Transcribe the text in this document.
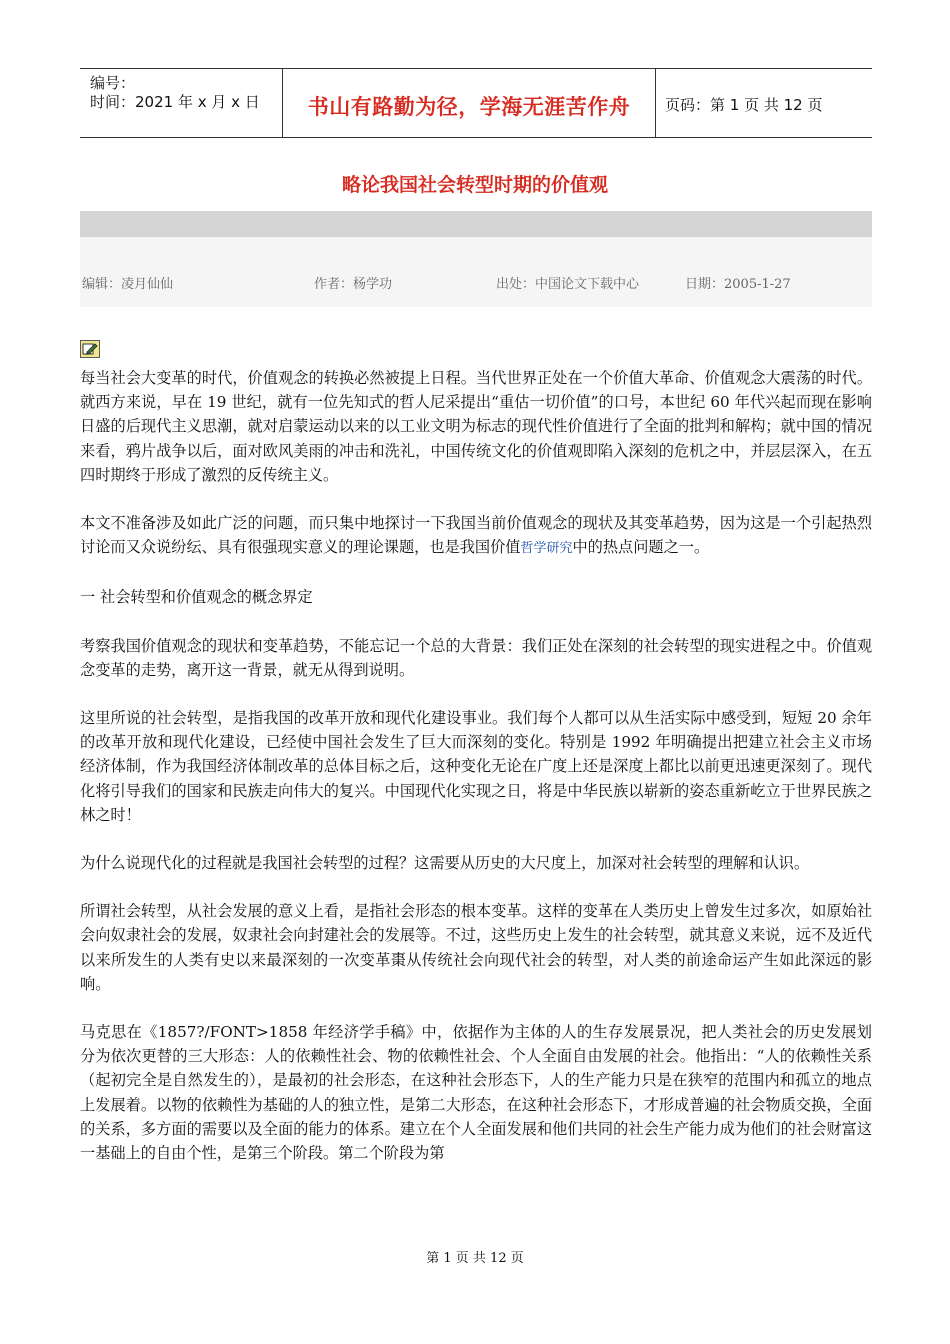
编号：
时间：2021 年 x 月 x 日	书山有路勤为径，学海无涯苦作舟	页码：第 1 页 共 12 页
略论我国社会转型时期的价值观
编辑：凌月仙仙	作者：杨学功	出处：中国论文下载中心	日期：2005-1-27

每当社会大变革的时代，价值观念的转换必然被提上日程。当代世界正处在一个价值大革命、价值观念大震荡的时代。就西方来说，早在 19 世纪，就有一位先知式的哲人尼采提出“重估一切价值”的口号，本世纪 60 年代兴起而现在影响日盛的后现代主义思潮，就对启蒙运动以来的以工业文明为标志的现代性价值进行了全面的批判和解构；就中国的情况来看，鸦片战争以后，面对欧风美雨的冲击和洗礼，中国传统文化的价值观即陷入深刻的危机之中，并层层深入，在五四时期终于形成了激烈的反传统主义。

本文不准备涉及如此广泛的问题，而只集中地探讨一下我国当前价值观念的现状及其变革趋势，因为这是一个引起热烈讨论而又众说纷纭、具有很强现实意义的理论课题，也是我国价值哲学研究中的热点问题之一。

一 社会转型和价值观念的概念界定

考察我国价值观念的现状和变革趋势，不能忘记一个总的大背景：我们正处在深刻的社会转型的现实进程之中。价值观念变革的走势，离开这一背景，就无从得到说明。

这里所说的社会转型，是指我国的改革开放和现代化建设事业。我们每个人都可以从生活实际中感受到，短短 20 余年的改革开放和现代化建设，已经使中国社会发生了巨大而深刻的变化。特别是 1992 年明确提出把建立社会主义市场经济体制，作为我国经济体制改革的总体目标之后，这种变化无论在广度上还是深度上都比以前更迅速更深刻了。现代化将引导我们的国家和民族走向伟大的复兴。中国现代化实现之日，将是中华民族以崭新的姿态重新屹立于世界民族之林之时！

为什么说现代化的过程就是我国社会转型的过程？这需要从历史的大尺度上，加深对社会转型的理解和认识。

所谓社会转型，从社会发展的意义上看，是指社会形态的根本变革。这样的变革在人类历史上曾发生过多次，如原始社会向奴隶社会的发展，奴隶社会向封建社会的发展等。不过，这些历史上发生的社会转型，就其意义来说，远不及近代以来所发生的人类有史以来最深刻的一次变革棗从传统社会向现代社会的转型，对人类的前途命运产生如此深远的影响。

马克思在《1857?/FONT>1858 年经济学手稿》中，依据作为主体的人的生存发展景况，把人类社会的历史发展划分为依次更替的三大形态：人的依赖性社会、物的依赖性社会、个人全面自由发展的社会。他指出：“人的依赖性关系（起初完全是自然发生的），是最初的社会形态，在这种社会形态下，人的生产能力只是在狭窄的范围内和孤立的地点上发展着。以物的依赖性为基础的人的独立性，是第二大形态，在这种社会形态下，才形成普遍的社会物质交换，全面的关系，多方面的需要以及全面的能力的体系。建立在个人全面发展和他们共同的社会生产能力成为他们的社会财富这一基础上的自由个性，是第三个阶段。第二个阶段为第

第 1 页 共 12 页
